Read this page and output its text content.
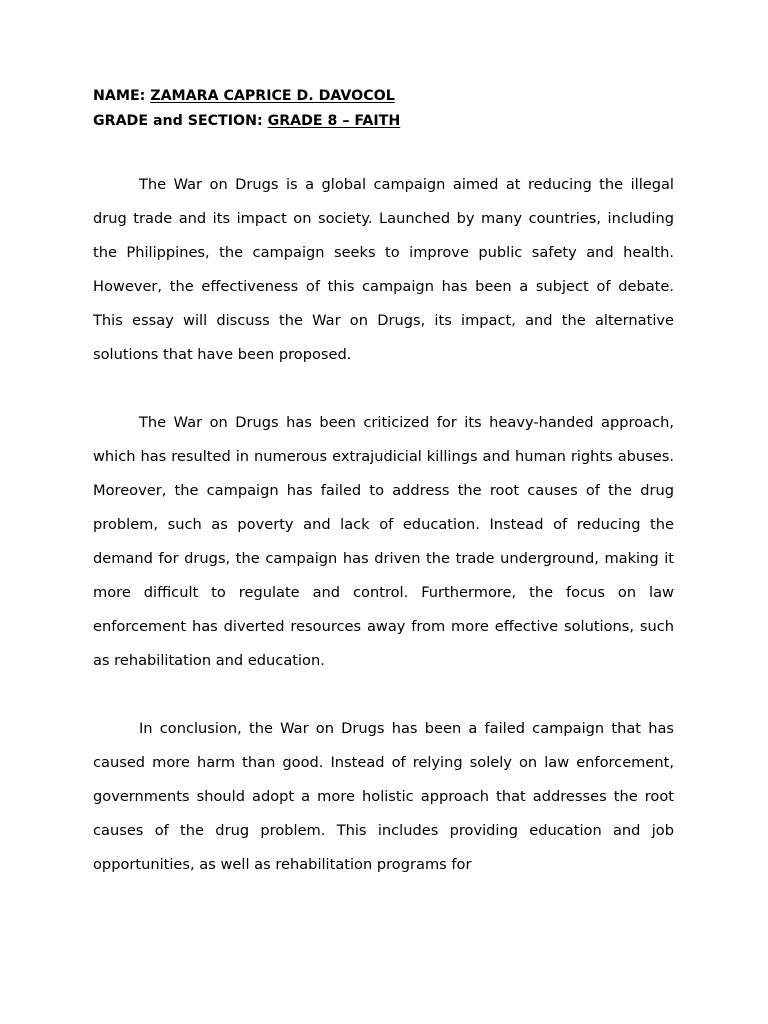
NAME: ZAMARA CAPRICE D. DAVOCOL
GRADE and SECTION: GRADE 8 – FAITH

The War on Drugs is a global campaign aimed at reducing the illegal drug trade and its impact on society. Launched by many countries, including the Philippines, the campaign seeks to improve public safety and health. However, the effectiveness of this campaign has been a subject of debate. This essay will discuss the War on Drugs, its impact, and the alternative solutions that have been proposed.

The War on Drugs has been criticized for its heavy-handed approach, which has resulted in numerous extrajudicial killings and human rights abuses. Moreover, the campaign has failed to address the root causes of the drug problem, such as poverty and lack of education. Instead of reducing the demand for drugs, the campaign has driven the trade underground, making it more difficult to regulate and control. Furthermore, the focus on law enforcement has diverted resources away from more effective solutions, such as rehabilitation and education.

In conclusion, the War on Drugs has been a failed campaign that has caused more harm than good. Instead of relying solely on law enforcement, governments should adopt a more holistic approach that addresses the root causes of the drug problem. This includes providing education and job opportunities, as well as rehabilitation programs for
